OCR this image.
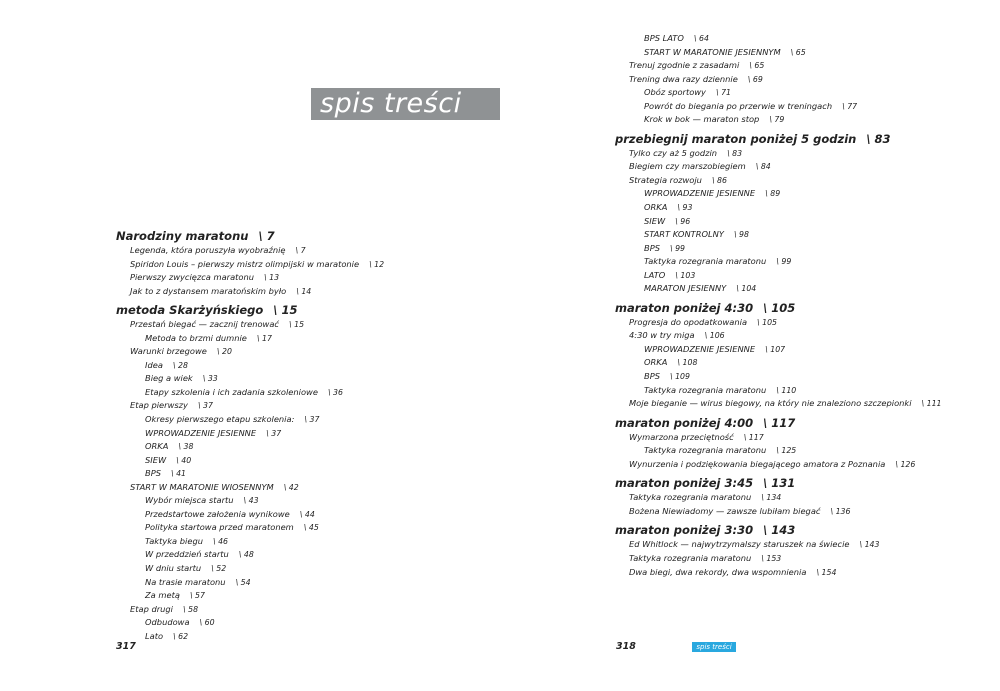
spis treści
Narodziny maratonu \ 7
Legenda, która poruszyła wyobraźnię \ 7
Spiridon Louis – pierwszy mistrz olimpijski w maratonie \ 12
Pierwszy zwycięzca maratonu \ 13
Jak to z dystansem maratońskim było \ 14
metoda Skarżyńskiego \ 15
Przestań biegać — zacznij trenować \ 15
Metoda to brzmi dumnie \ 17
Warunki brzegowe \ 20
Idea \ 28
Bieg a wiek \ 33
Etapy szkolenia i ich zadania szkoleniowe \ 36
Etap pierwszy \ 37
Okresy pierwszego etapu szkolenia: \ 37
WPROWADZENIE JESIENNE \ 37
ORKA \ 38
SIEW \ 40
BPS \ 41
START W MARATONIE WIOSENNYM \ 42
Wybór miejsca startu \ 43
Przedstartowe założenia wynikowe \ 44
Polityka startowa przed maratonem \ 45
Taktyka biegu \ 46
W przeddzień startu \ 48
W dniu startu \ 52
Na trasie maratonu \ 54
Za metą \ 57
Etap drugi \ 58
Odbudowa \ 60
Lato \ 62
317
BPS LATO \ 64
START W MARATONIE JESIENNYM \ 65
Trenuj zgodnie z zasadami \ 65
Trening dwa razy dziennie \ 69
Obóz sportowy \ 71
Powrót do biegania po przerwie w treningach \ 77
Krok w bok — maraton stop \ 79
przebiegnij maraton poniżej 5 godzin \ 83
Tylko czy aż 5 godzin \ 83
Biegiem czy marszobiegiem \ 84
Strategia rozwoju \ 86
WPROWADZENIE JESIENNE \ 89
ORKA \ 93
SIEW \ 96
START KONTROLNY \ 98
BPS \ 99
Taktyka rozegrania maratonu \ 99
LATO \ 103
MARATON JESIENNY \ 104
maraton poniżej 4:30 \ 105
Progresja do opodatkowania \ 105
4:30 w try miga \ 106
WPROWADZENIE JESIENNE \ 107
ORKA \ 108
BPS \ 109
Taktyka rozegrania maratonu \ 110
Moje bieganie — wirus biegowy, na który nie znaleziono szczepionki \ 111
maraton poniżej 4:00 \ 117
Wymarzona przeciętność \ 117
Taktyka rozegrania maratonu \ 125
Wynurzenia i podziękowania biegającego amatora z Poznania \ 126
maraton poniżej 3:45 \ 131
Taktyka rozegrania maratonu \ 134
Bożena Niewiadomy — zawsze lubiłam biegać \ 136
maraton poniżej 3:30 \ 143
Ed Whitlock — najwytrzymalszy staruszek na świecie \ 143
Taktyka rozegrania maratonu \ 153
Dwa biegi, dwa rekordy, dwa wspomnienia \ 154
318	spis treści
